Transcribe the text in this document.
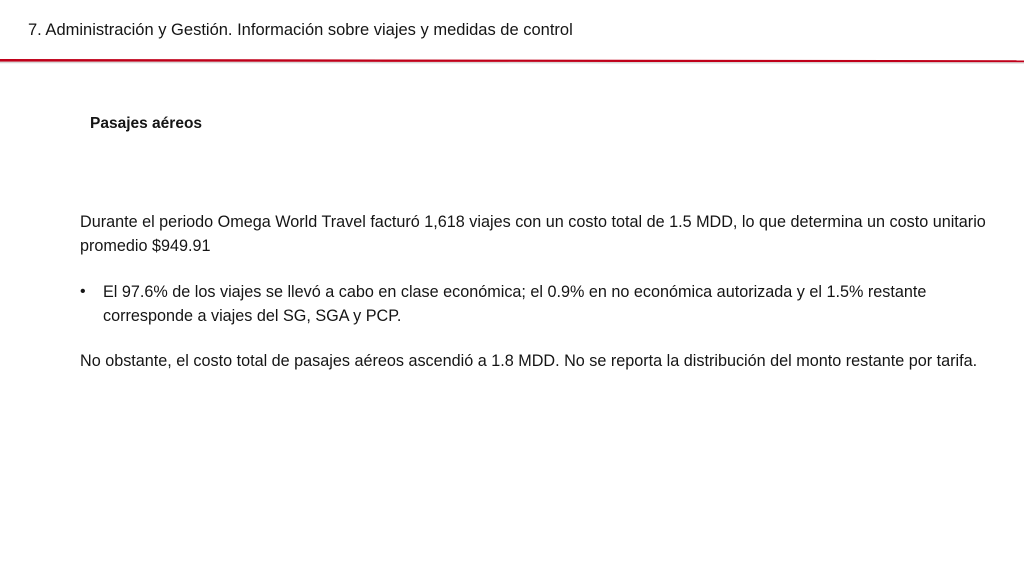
7. Administración y Gestión. Información sobre viajes y medidas de control
Pasajes aéreos
Durante el periodo Omega World Travel facturó 1,618 viajes con un costo total de 1.5 MDD, lo que determina un costo unitario promedio $949.91
•	El 97.6% de los viajes se llevó a cabo en clase económica; el 0.9% en no económica autorizada y el 1.5% restante corresponde a viajes del SG, SGA y PCP.
No obstante, el costo total de pasajes aéreos ascendió a 1.8 MDD. No se reporta la distribución del monto restante por tarifa.
